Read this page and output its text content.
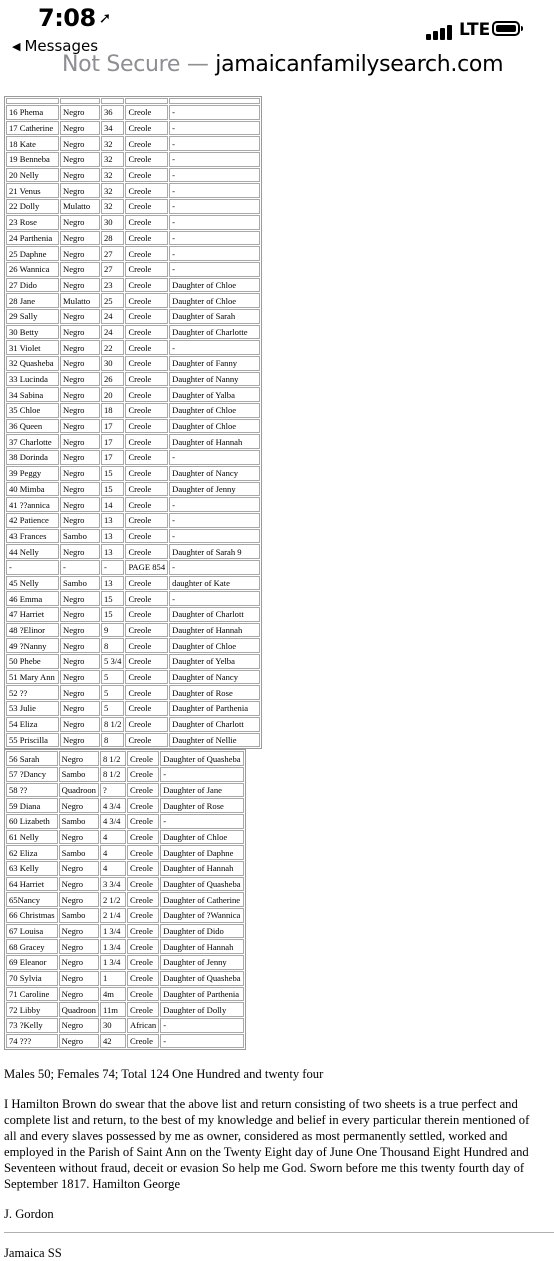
7:08 ➚
◀ Messages
LTE
Not Secure — jamaicanfamilysearch.com

16 Phema	Negro	36	Creole	-
17 Catherine	Negro	34	Creole	-
18 Kate	Negro	32	Creole	-
19 Benneba	Negro	32	Creole	-
20 Nelly	Negro	32	Creole	-
21 Venus	Negro	32	Creole	-
22 Dolly	Mulatto	32	Creole	-
23 Rose	Negro	30	Creole	-
24 Parthenia	Negro	28	Creole	-
25 Daphne	Negro	27	Creole	-
26 Wannica	Negro	27	Creole	-
27 Dido	Negro	23	Creole	Daughter of Chloe
28 Jane	Mulatto	25	Creole	Daughter of Chloe
29 Sally	Negro	24	Creole	Daughter of Sarah
30 Betty	Negro	24	Creole	Daughter of Charlotte
31 Violet	Negro	22	Creole	-
32 Quasheba	Negro	30	Creole	Daughter of Fanny
33 Lucinda	Negro	26	Creole	Daughter of Nanny
34 Sabina	Negro	20	Creole	Daughter of Yalba
35 Chloe	Negro	18	Creole	Daughter of Chloe
36 Queen	Negro	17	Creole	Daughter of Chloe
37 Charlotte	Negro	17	Creole	Daughter of Hannah
38 Dorinda	Negro	17	Creole	-
39 Peggy	Negro	15	Creole	Daughter of Nancy
40 Mimba	Negro	15	Creole	Daughter of Jenny
41 ??annica	Negro	14	Creole	-
42 Patience	Negro	13	Creole	-
43 Frances	Sambo	13	Creole	-
44 Nelly	Negro	13	Creole	Daughter of Sarah 9
-	-	-	PAGE 854	-
45 Nelly	Sambo	13	Creole	daughter of Kate
46 Emma	Negro	15	Creole	-
47 Harriet	Negro	15	Creole	Daughter of Charlott
48 ?Elinor	Negro	9	Creole	Daughter of Hannah
49 ?Nanny	Negro	8	Creole	Daughter of Chloe
50 Phebe	Negro	5 3/4	Creole	Daughter of Yelba
51 Mary Ann	Negro	5	Creole	Daughter of Nancy
52 ??	Negro	5	Creole	Daughter of Rose
53 Julie	Negro	5	Creole	Daughter of Parthenia
54 Eliza	Negro	8 1/2	Creole	Daughter of Charlott
55 Priscilla	Negro	8	Creole	Daughter of Nellie
56 Sarah	Negro	8 1/2	Creole	Daughter of Quasheba
57 ?Dancy	Sambo	8 1/2	Creole	-
58 ??	Quadroon	?	Creole	Daughter of Jane
59 Diana	Negro	4 3/4	Creole	Daughter of Rose
60 Lizabeth	Sambo	4 3/4	Creole	-
61 Nelly	Negro	4	Creole	Daughter of Chloe
62 Eliza	Sambo	4	Creole	Daughter of Daphne
63 Kelly	Negro	4	Creole	Daughter of Hannah
64 Harriet	Negro	3 3/4	Creole	Daughter of Quasheba
65Nancy	Negro	2 1/2	Creole	Daughter of Catherine
66 Christmas	Sambo	2 1/4	Creole	Daughter of ?Wannica
67 Louisa	Negro	1 3/4	Creole	Daughter of Dido
68 Gracey	Negro	1 3/4	Creole	Daughter of Hannah
69 Eleanor	Negro	1 3/4	Creole	Daughter of Jenny
70 Sylvia	Negro	1	Creole	Daughter of Quasheba
71 Caroline	Negro	4m	Creole	Daughter of Parthenia
72 Libby	Quadroon	11m	Creole	Daughter of Dolly
73 ?Kelly	Negro	30	African	-
74 ???	Negro	42	Creole	-

Males 50; Females 74; Total 124 One Hundred and twenty four

I Hamilton Brown do swear that the above list and return consisting of two sheets is a true perfect and complete list and return, to the best of my knowledge and belief in every particular therein mentioned of all and every slaves possessed by me as owner, considered as most permanently settled, worked and employed in the Parish of Saint Ann on the Twenty Eight day of June One Thousand Eight Hundred and Seventeen without fraud, deceit or evasion So help me God. Sworn before me this twenty fourth day of September 1817. Hamilton George

J. Gordon

Jamaica SS
